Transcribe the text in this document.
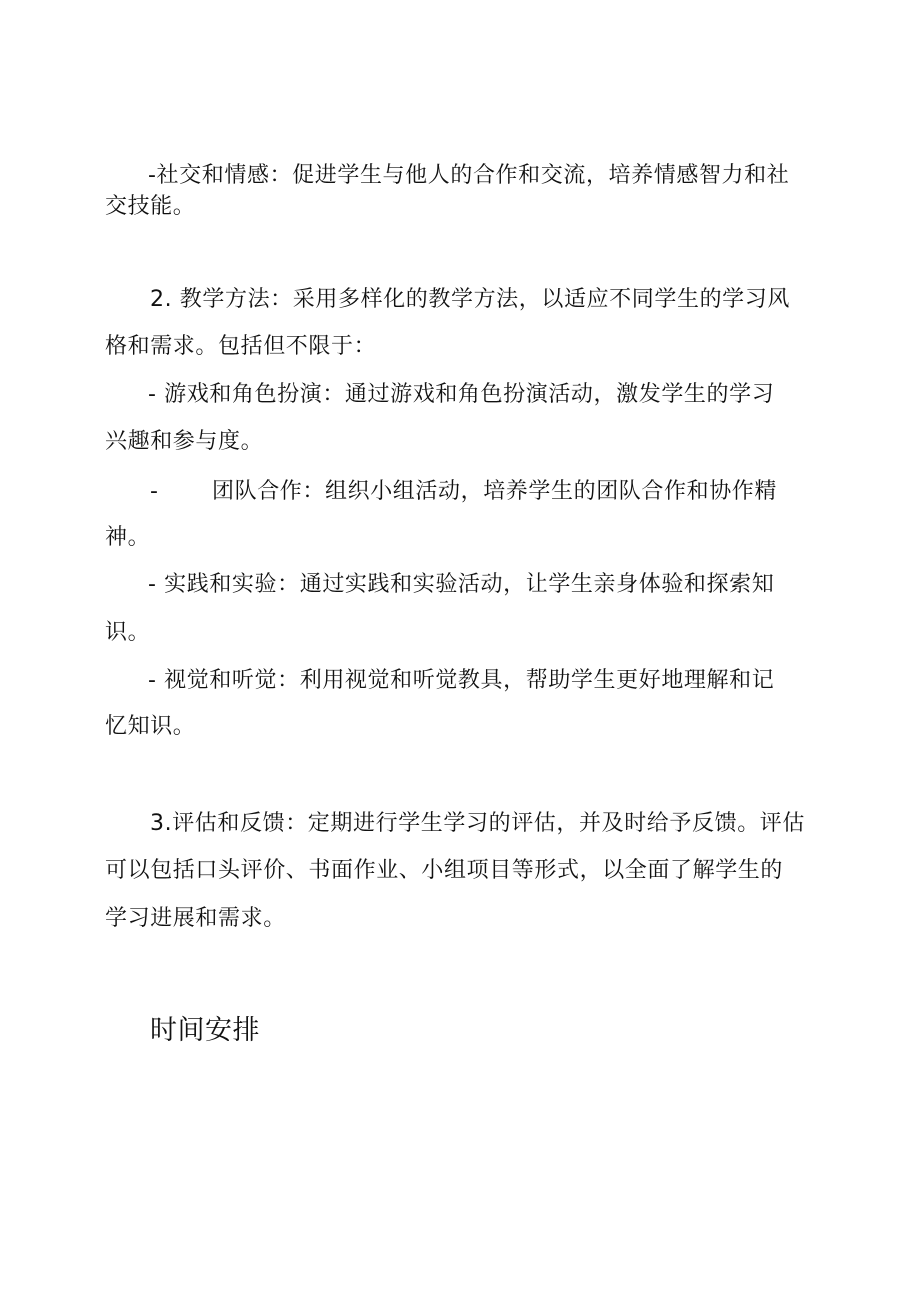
-社交和情感：促进学生与他人的合作和交流，培养情感智力和社
交技能。
2. 教学方法：采用多样化的教学方法，以适应不同学生的学习风
格和需求。包括但不限于：
- 游戏和角色扮演：通过游戏和角色扮演活动，激发学生的学习
兴趣和参与度。
- 团队合作：组织小组活动，培养学生的团队合作和协作精
神。
- 实践和实验：通过实践和实验活动，让学生亲身体验和探索知
识。
- 视觉和听觉：利用视觉和听觉教具，帮助学生更好地理解和记
忆知识。
3.评估和反馈：定期进行学生学习的评估，并及时给予反馈。评估
可以包括口头评价、书面作业、小组项目等形式，以全面了解学生的
学习进展和需求。
时间安排
